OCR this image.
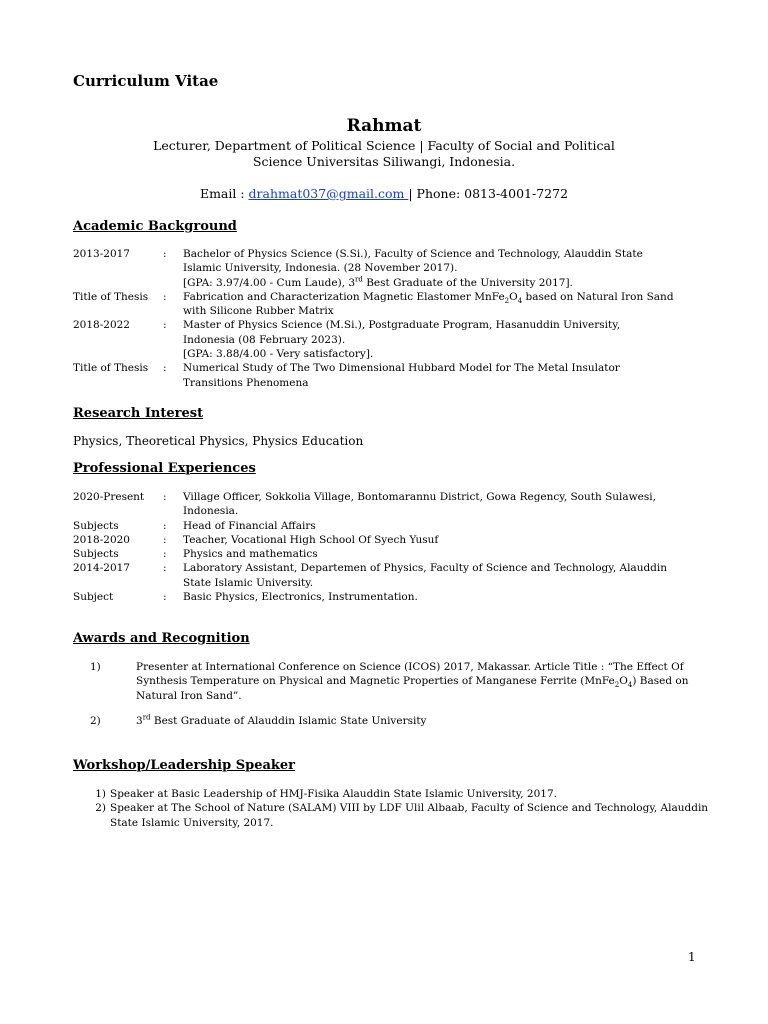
Curriculum Vitae
Rahmat
Lecturer, Department of Political Science | Faculty of Social and Political
Science Universitas Siliwangi, Indonesia.
Email : drahmat037@gmail.com | Phone: 0813-4001-7272
Academic Background
2013-2017	:	Bachelor of Physics Science (S.Si.), Faculty of Science and Technology, Alauddin State
Islamic University, Indonesia. (28 November 2017).
[GPA: 3.97/4.00 - Cum Laude), 3rd Best Graduate of the University 2017].
Title of Thesis	:	Fabrication and Characterization Magnetic Elastomer $MnFe_2O_4$ based on Natural Iron Sand
with Silicone Rubber Matrix
2018-2022	:	Master of Physics Science (M.Si.), Postgraduate Program, Hasanuddin University,
Indonesia (08 February 2023).
[GPA: 3.88/4.00 - Very satisfactory].
Title of Thesis	:	Numerical Study of The Two Dimensional Hubbard Model for The Metal Insulator
Transitions Phenomena
Research Interest
Physics, Theoretical Physics, Physics Education
Professional Experiences
2020-Present	:	Village Officer, Sokkolia Village, Bontomarannu District, Gowa Regency, South Sulawesi,
Indonesia.
Subjects	:	Head of Financial Affairs
2018-2020	:	Teacher, Vocational High School Of Syech Yusuf
Subjects	:	Physics and mathematics
2014-2017	:	Laboratory Assistant, Departemen of Physics, Faculty of Science and Technology, Alauddin
State Islamic University.
Subject	:	Basic Physics, Electronics, Instrumentation.
Awards and Recognition
1)	Presenter at International Conference on Science (ICOS) 2017, Makassar. Article Title : “The Effect Of
Synthesis Temperature on Physical and Magnetic Properties of Manganese Ferrite $(MnFe_2O_4)$ Based on
Natural Iron Sand”.
2)	3rd Best Graduate of Alauddin Islamic State University
Workshop/Leadership Speaker
1) Speaker at Basic Leadership of HMJ-Fisika Alauddin State Islamic University, 2017.
2) Speaker at The School of Nature (SALAM) VIII by LDF Ulil Albaab, Faculty of Science and Technology, Alauddin
State Islamic University, 2017.
1
